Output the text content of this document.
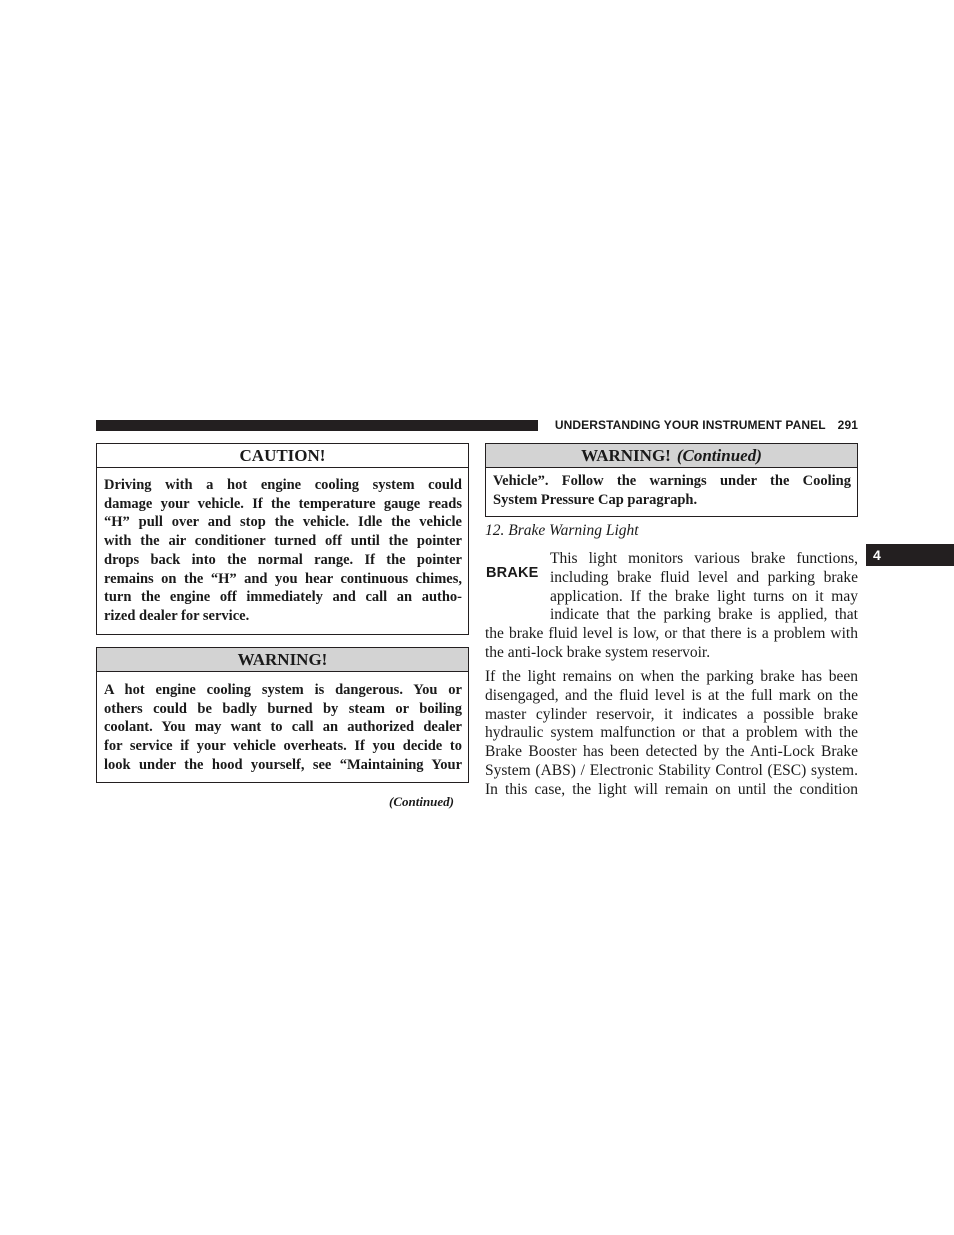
UNDERSTANDING YOUR INSTRUMENT PANEL 291
4
CAUTION!
Driving with a hot engine cooling system could
damage your vehicle. If the temperature gauge reads
“H” pull over and stop the vehicle. Idle the vehicle
with the air conditioner turned off until the pointer
drops back into the normal range. If the pointer
remains on the “H” and you hear continuous chimes,
turn the engine off immediately and call an autho-
rized dealer for service.
WARNING!
A hot engine cooling system is dangerous. You or
others could be badly burned by steam or boiling
coolant. You may want to call an authorized dealer
for service if your vehicle overheats. If you decide to
look under the hood yourself, see “Maintaining Your
(Continued)
WARNING! (Continued)
Vehicle”. Follow the warnings under the Cooling
System Pressure Cap paragraph.
12. Brake Warning Light
BRAKE
This light monitors various brake functions,
including brake fluid level and parking brake
application. If the brake light turns on it may
indicate that the parking brake is applied, that
the brake fluid level is low, or that there is a problem with
the anti-lock brake system reservoir.
If the light remains on when the parking brake has been
disengaged, and the fluid level is at the full mark on the
master cylinder reservoir, it indicates a possible brake
hydraulic system malfunction or that a problem with the
Brake Booster has been detected by the Anti-Lock Brake
System (ABS) / Electronic Stability Control (ESC) system.
In this case, the light will remain on until the condition
